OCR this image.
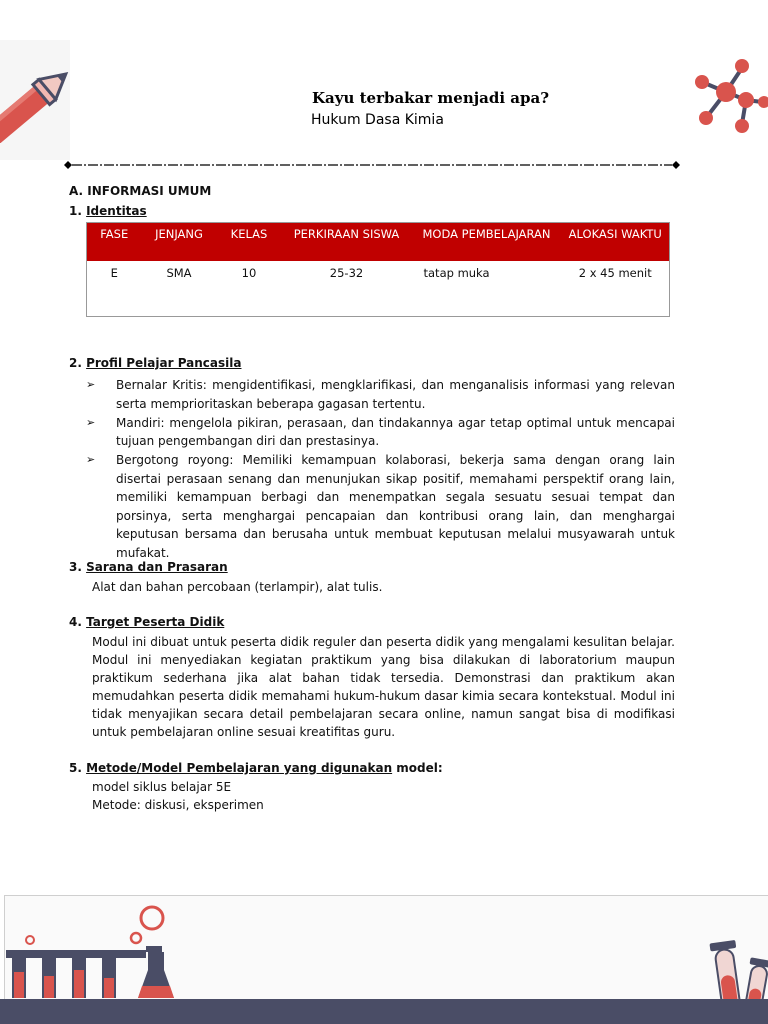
Kayu terbakar menjadi apa?
Hukum Dasa Kimia
A. INFORMASI UMUM
1. Identitas
FASE	JENJANG	KELAS	PERKIRAAN SISWA	MODA PEMBELAJARAN	ALOKASI WAKTU
E	SMA	10	25-32	tatap muka	2 x 45 menit
2. Profil Pelajar Pancasila
➢ Bernalar Kritis: mengidentifikasi, mengklarifikasi, dan menganalisis informasi yang relevan serta memprioritaskan beberapa gagasan tertentu.
➢ Mandiri: mengelola pikiran, perasaan, dan tindakannya agar tetap optimal untuk mencapai tujuan pengembangan diri dan prestasinya.
➢ Bergotong royong: Memiliki kemampuan kolaborasi, bekerja sama dengan orang lain disertai perasaan senang dan menunjukan sikap positif, memahami perspektif orang lain, memiliki kemampuan berbagi dan menempatkan segala sesuatu sesuai tempat dan porsinya, serta menghargai pencapaian dan kontribusi orang lain, dan menghargai keputusan bersama dan berusaha untuk membuat keputusan melalui musyawarah untuk mufakat.
3. Sarana dan Prasaran
Alat dan bahan percobaan (terlampir), alat tulis.
4. Target Peserta Didik
Modul ini dibuat untuk peserta didik reguler dan peserta didik yang mengalami kesulitan belajar. Modul ini menyediakan kegiatan praktikum yang bisa dilakukan di laboratorium maupun praktikum sederhana jika alat bahan tidak tersedia. Demonstrasi dan praktikum akan memudahkan peserta didik memahami hukum-hukum dasar kimia secara kontekstual. Modul ini tidak menyajikan secara detail pembelajaran secara online, namun sangat bisa di modifikasi untuk pembelajaran online sesuai kreatifitas guru.
5. Metode/Model Pembelajaran yang digunakan model:
model siklus belajar 5E
Metode: diskusi, eksperimen
